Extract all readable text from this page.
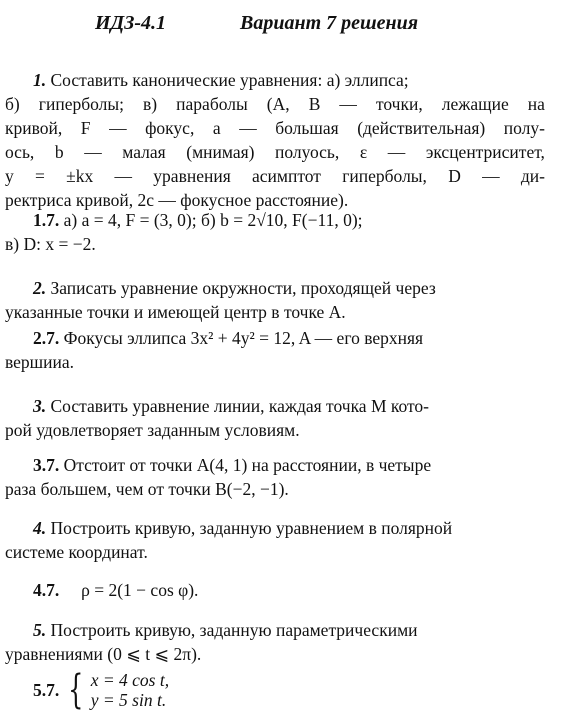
ИДЗ-4.1	Вариант 7 решения
1. Составить канонические уравнения: а) эллипса;
б) гиперболы; в) параболы (A, B — точки, лежащие на
кривой, F — фокус, a — большая (действительная) полу-
ось, b — малая (мнимая) полуось, ε — эксцентриситет,
y = ±kx — уравнения асимптот гиперболы, D — ди-
ректриса кривой, 2c — фокусное расстояние).
1.7. а) a = 4, F = (3, 0); б) b = 2√10, F(−11, 0);
в) D: x = −2.
2. Записать уравнение окружности, проходящей через
указанные точки и имеющей центр в точке A.
2.7. Фокусы эллипса 3x² + 4y² = 12, A — его верхняя
вершииа.
3. Составить уравнение линии, каждая точка M кото-
рой удовлетворяет заданным условиям.
3.7. Отстоит от точки A(4, 1) на расстоянии, в четыре
раза большем, чем от точки B(−2, −1).
4. Построить кривую, заданную уравнением в полярной
системе координат.
4.7. ρ = 2(1 − cos φ).
5. Построить кривую, заданную параметрическими
уравнениями (0 ⩽ t ⩽ 2π).
5.7. { x = 4 cos t,
y = 5 sin t.
